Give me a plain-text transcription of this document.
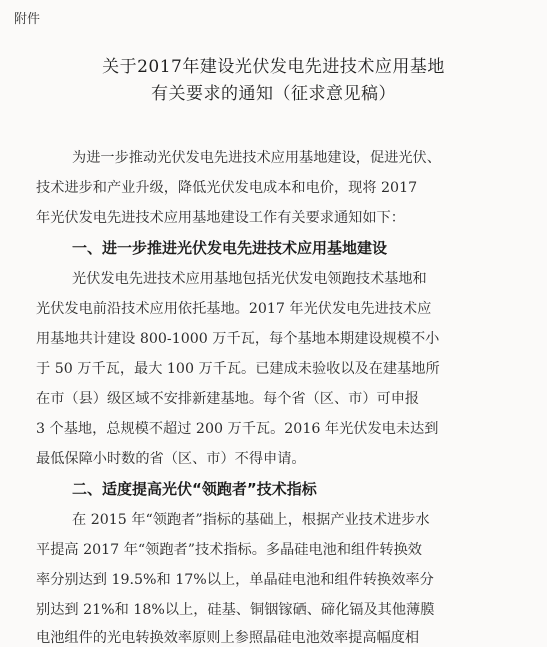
附件
关于2017年建设光伏发电先进技术应用基地
有关要求的通知（征求意见稿）
为进一步推动光伏发电先进技术应用基地建设，促进光伏、
技术进步和产业升级，降低光伏发电成本和电价，现将 2017
年光伏发电先进技术应用基地建设工作有关要求通知如下：
一、进一步推进光伏发电先进技术应用基地建设
光伏发电先进技术应用基地包括光伏发电领跑技术基地和
光伏发电前沿技术应用依托基地。2017 年光伏发电先进技术应
用基地共计建设 800-1000 万千瓦，每个基地本期建设规模不小
于 50 万千瓦，最大 100 万千瓦。已建成未验收以及在建基地所
在市（县）级区域不安排新建基地。每个省（区、市）可申报
3 个基地，总规模不超过 200 万千瓦。2016 年光伏发电未达到
最低保障小时数的省（区、市）不得申请。
二、适度提高光伏“领跑者”技术指标
在 2015 年“领跑者”指标的基础上，根据产业技术进步水
平提高 2017 年“领跑者”技术指标。多晶硅电池和组件转换效
率分别达到 19.5%和 17%以上，单晶硅电池和组件转换效率分
别达到 21%和 18%以上，硅基、铜铟镓硒、碲化镉及其他薄膜
电池组件的光电转换效率原则上参照晶硅电池效率提高幅度相
